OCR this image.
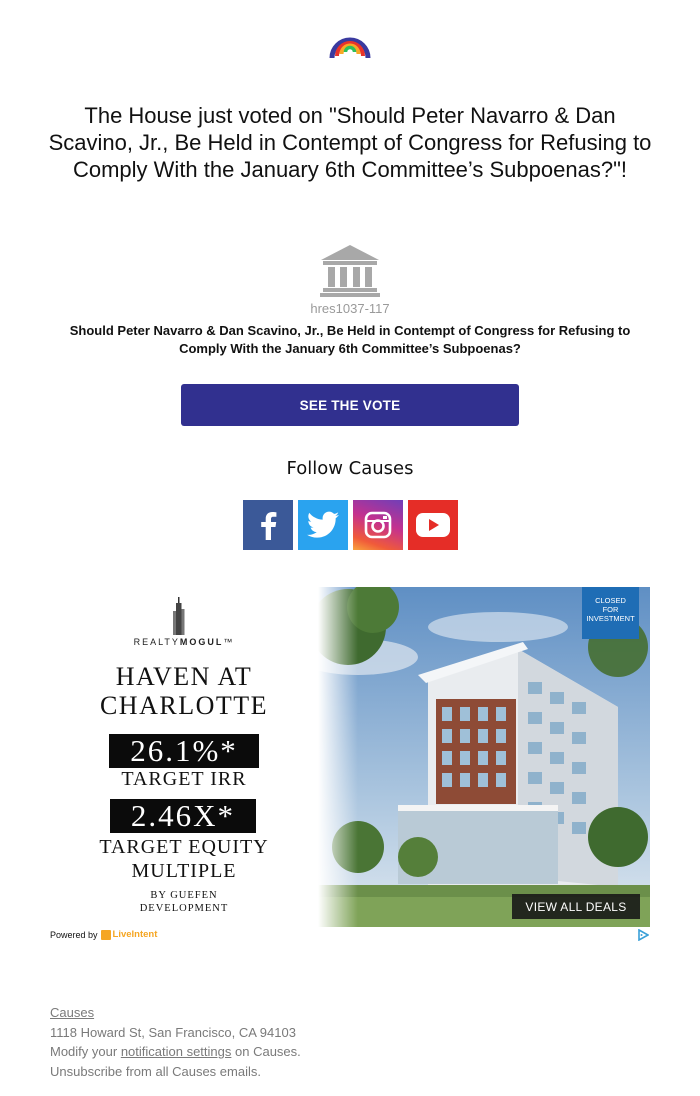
The House just voted on "Should Peter Navarro & Dan Scavino, Jr., Be Held in Contempt of Congress for Refusing to Comply With the January 6th Committee’s Subpoenas?"!
hres1037-117
Should Peter Navarro & Dan Scavino, Jr., Be Held in Contempt of Congress for Refusing to Comply With the January 6th Committee’s Subpoenas?
SEE THE VOTE
Follow Causes
REALTYMOGUL™
HAVEN AT
CHARLOTTE
26.1%*
TARGET IRR
2.46X*
TARGET EQUITY
MULTIPLE
BY GUEFEN
DEVELOPMENT
CLOSED
FOR
INVESTMENT
VIEW ALL DEALS
Powered by LiveIntent
Causes
1118 Howard St, San Francisco, CA 94103
Modify your notification settings on Causes.
Unsubscribe from all Causes emails.
